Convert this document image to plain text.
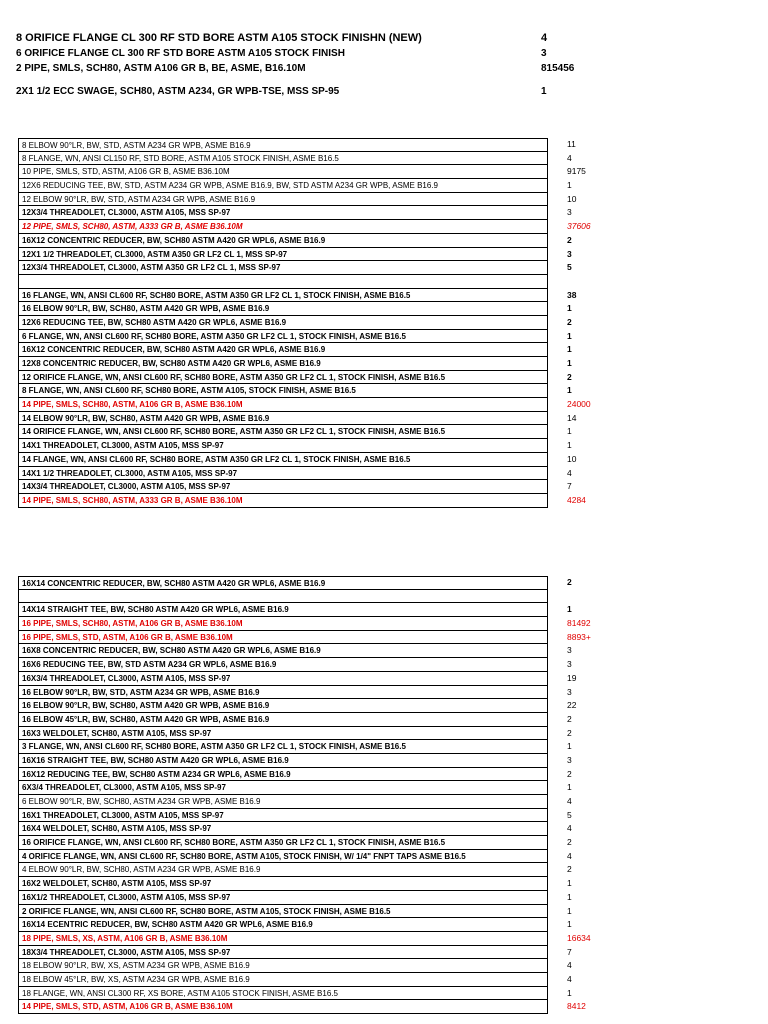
8 ORIFICE FLANGE CL 300 RF STD BORE ASTM A105 STOCK FINISHN (NEW)	4
6 ORIFICE FLANGE CL 300 RF STD BORE ASTM A105 STOCK FINISH	3
2 PIPE, SMLS, SCH80, ASTM A106 GR B, BE, ASME, B16.10M	815456
2X1 1/2 ECC SWAGE, SCH80, ASTM A234, GR WPB-TSE, MSS SP-95	1
8 ELBOW 90°LR, BW, STD, ASTM A234 GR WPB, ASME B16.9	11
8 FLANGE, WN, ANSI CL150 RF, STD BORE, ASTM A105 STOCK FINISH, ASME B16.5	4
10 PIPE, SMLS, STD, ASTM, A106 GR B, ASME B36.10M	9175
12X6 REDUCING TEE, BW, STD, ASTM A234 GR WPB, ASME B16.9, BW, STD ASTM A234 GR WPB, ASME B16.9	1
12 ELBOW 90°LR, BW, STD, ASTM A234 GR WPB, ASME B16.9	10
12X3/4 THREADOLET, CL3000, ASTM A105, MSS SP-97	3
12 PIPE, SMLS, SCH80, ASTM, A333 GR B, ASME B36.10M	37606
16X12 CONCENTRIC REDUCER, BW, SCH80 ASTM A420 GR WPL6, ASME B16.9	2
12X1 1/2 THREADOLET, CL3000, ASTM A350 GR LF2 CL 1, MSS SP-97	3
12X3/4 THREADOLET, CL3000, ASTM A350 GR LF2 CL 1, MSS SP-97	5
16 FLANGE, WN, ANSI CL600 RF, SCH80 BORE, ASTM A350 GR LF2 CL 1, STOCK FINISH, ASME B16.5	38
16 ELBOW 90°LR, BW, SCH80, ASTM A420 GR WPB, ASME B16.9	1
12X6 REDUCING TEE, BW, SCH80 ASTM A420 GR WPL6, ASME B16.9	2
6 FLANGE, WN, ANSI CL600 RF, SCH80 BORE, ASTM A350 GR LF2 CL 1, STOCK FINISH, ASME B16.5	1
16X12 CONCENTRIC REDUCER, BW, SCH80 ASTM A420 GR WPL6, ASME B16.9	1
12X8 CONCENTRIC REDUCER, BW, SCH80 ASTM A420 GR WPL6, ASME B16.9	1
12 ORIFICE FLANGE, WN, ANSI CL600 RF, SCH80 BORE, ASTM A350 GR LF2 CL 1, STOCK FINISH, ASME B16.5	2
8 FLANGE, WN, ANSI CL600 RF, SCH80 BORE, ASTM A105, STOCK FINISH, ASME B16.5	1
14 PIPE, SMLS, SCH80, ASTM, A106 GR B, ASME B36.10M	24000
14 ELBOW 90°LR, BW, SCH80, ASTM A420 GR WPB, ASME B16.9	14
14 ORIFICE FLANGE, WN, ANSI CL600 RF, SCH80 BORE, ASTM A350 GR LF2 CL 1, STOCK FINISH, ASME B16.5	1
14X1 THREADOLET, CL3000, ASTM A105, MSS SP-97	1
14 FLANGE, WN, ANSI CL600 RF, SCH80 BORE, ASTM A350 GR LF2 CL 1, STOCK FINISH, ASME B16.5	10
14X1 1/2 THREADOLET, CL3000, ASTM A105, MSS SP-97	4
14X3/4 THREADOLET, CL3000, ASTM A105, MSS SP-97	7
14 PIPE, SMLS, SCH80, ASTM, A333 GR B, ASME B36.10M	4284
16X14 CONCENTRIC REDUCER, BW, SCH80 ASTM A420 GR WPL6, ASME B16.9	2
14X14 STRAIGHT TEE, BW, SCH80 ASTM A420 GR WPL6, ASME B16.9	1
16 PIPE, SMLS, SCH80, ASTM, A106 GR B, ASME B36.10M	81492
16 PIPE, SMLS, STD, ASTM, A106 GR B, ASME B36.10M	8893+
16X8 CONCENTRIC REDUCER, BW, SCH80 ASTM A420 GR WPL6, ASME B16.9	3
16X6 REDUCING TEE, BW, STD ASTM A234 GR WPL6, ASME B16.9	3
16X3/4 THREADOLET, CL3000, ASTM A105, MSS SP-97	19
16 ELBOW 90°LR, BW, STD, ASTM A234 GR WPB, ASME B16.9	3
16 ELBOW 90°LR, BW, SCH80, ASTM A420 GR WPB, ASME B16.9	22
16 ELBOW 45°LR, BW, SCH80, ASTM A420 GR WPB, ASME B16.9	2
16X3 WELDOLET, SCH80, ASTM A105, MSS SP-97	2
3 FLANGE, WN, ANSI CL600 RF, SCH80 BORE, ASTM A350 GR LF2 CL 1, STOCK FINISH, ASME B16.5	1
16X16 STRAIGHT TEE, BW, SCH80 ASTM A420 GR WPL6, ASME B16.9	3
16X12 REDUCING TEE, BW, SCH80 ASTM A234 GR WPL6, ASME B16.9	2
6X3/4 THREADOLET, CL3000, ASTM A105, MSS SP-97	1
6 ELBOW 90°LR, BW, SCH80, ASTM A234 GR WPB, ASME B16.9	4
16X1 THREADOLET, CL3000, ASTM A105, MSS SP-97	5
16X4 WELDOLET, SCH80, ASTM A105, MSS SP-97	4
16 ORIFICE FLANGE, WN, ANSI CL600 RF, SCH80 BORE, ASTM A350 GR LF2 CL 1, STOCK FINISH, ASME B16.5	2
4 ORIFICE FLANGE, WN, ANSI CL600 RF, SCH80 BORE, ASTM A105, STOCK FINISH, W/ 1/4" FNPT TAPS ASME B16.5	4
4 ELBOW 90°LR, BW, SCH80, ASTM A234 GR WPB, ASME B16.9	2
16X2 WELDOLET, SCH80, ASTM A105, MSS SP-97	1
16X1/2 THREADOLET, CL3000, ASTM A105, MSS SP-97	1
2 ORIFICE FLANGE, WN, ANSI CL600 RF, SCH80 BORE, ASTM A105, STOCK FINISH, ASME B16.5	1
16X14 ECENTRIC REDUCER, BW, SCH80 ASTM A420 GR WPL6, ASME B16.9	1
18 PIPE, SMLS, XS, ASTM, A106 GR B, ASME B36.10M	16634
18X3/4 THREADOLET, CL3000, ASTM A105, MSS SP-97	7
18 ELBOW 90°LR, BW, XS, ASTM A234 GR WPB, ASME B16.9	4
18 ELBOW 45°LR, BW, XS, ASTM A234 GR WPB, ASME B16.9	4
18 FLANGE, WN, ANSI CL300 RF, XS BORE, ASTM A105 STOCK FINISH, ASME B16.5	1
14 PIPE, SMLS, STD, ASTM, A106 GR B, ASME B36.10M	8412
